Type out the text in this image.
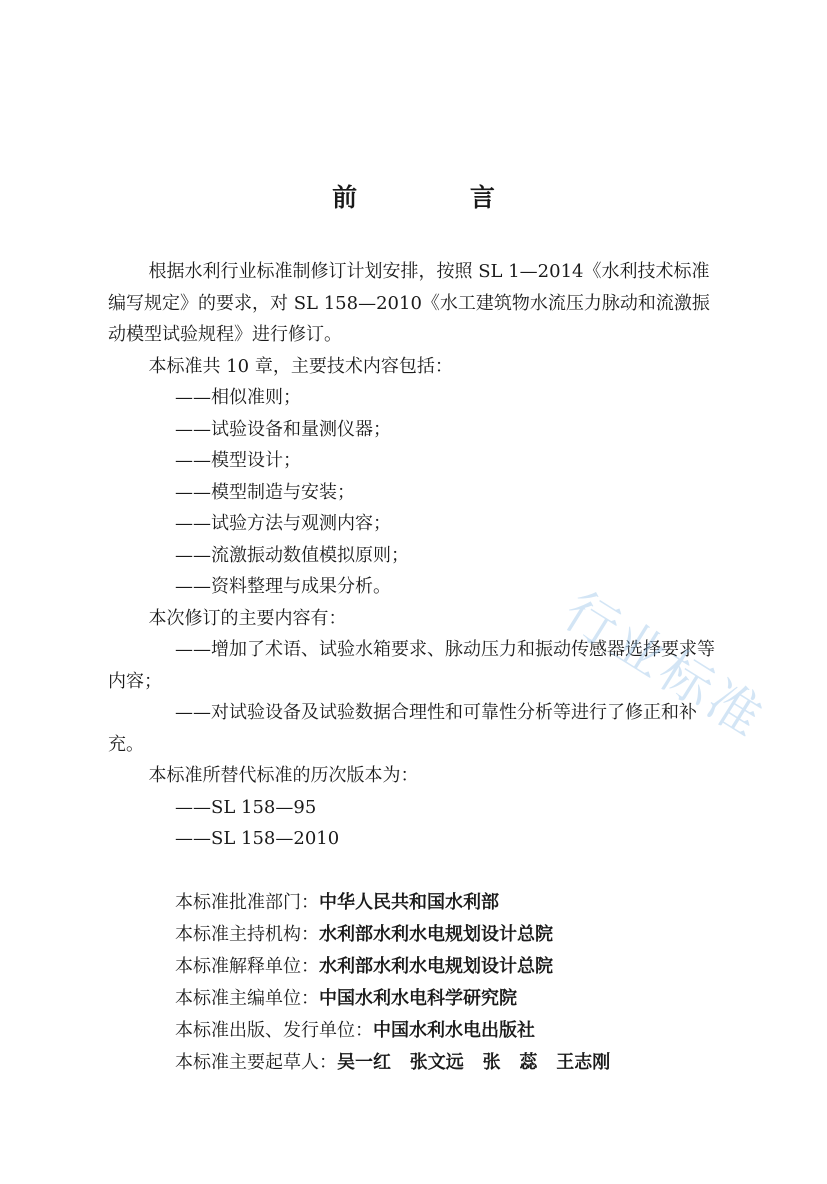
前 言

根据水利行业标准制修订计划安排，按照 SL 1—2014《水利技术标准编写规定》的要求，对 SL 158—2010《水工建筑物水流压力脉动和流激振动模型试验规程》进行修订。

本标准共 10 章，主要技术内容包括：

——相似准则；

——试验设备和量测仪器；

——模型设计；

——模型制造与安装；

——试验方法与观测内容；

——流激振动数值模拟原则；

——资料整理与成果分析。

本次修订的主要内容有：

——增加了术语、试验水箱要求、脉动压力和振动传感器选择要求等内容；

——对试验设备及试验数据合理性和可靠性分析等进行了修正和补充。

本标准所替代标准的历次版本为：

——SL 158—95

——SL 158—2010

本标准批准部门：中华人民共和国水利部
本标准主持机构：水利部水利水电规划设计总院
本标准解释单位：水利部水利水电规划设计总院
本标准主编单位：中国水利水电科学研究院
本标准出版、发行单位：中国水利水电出版社
本标准主要起草人：吴一红   张文远   张   蕊   王志刚
行业标准
